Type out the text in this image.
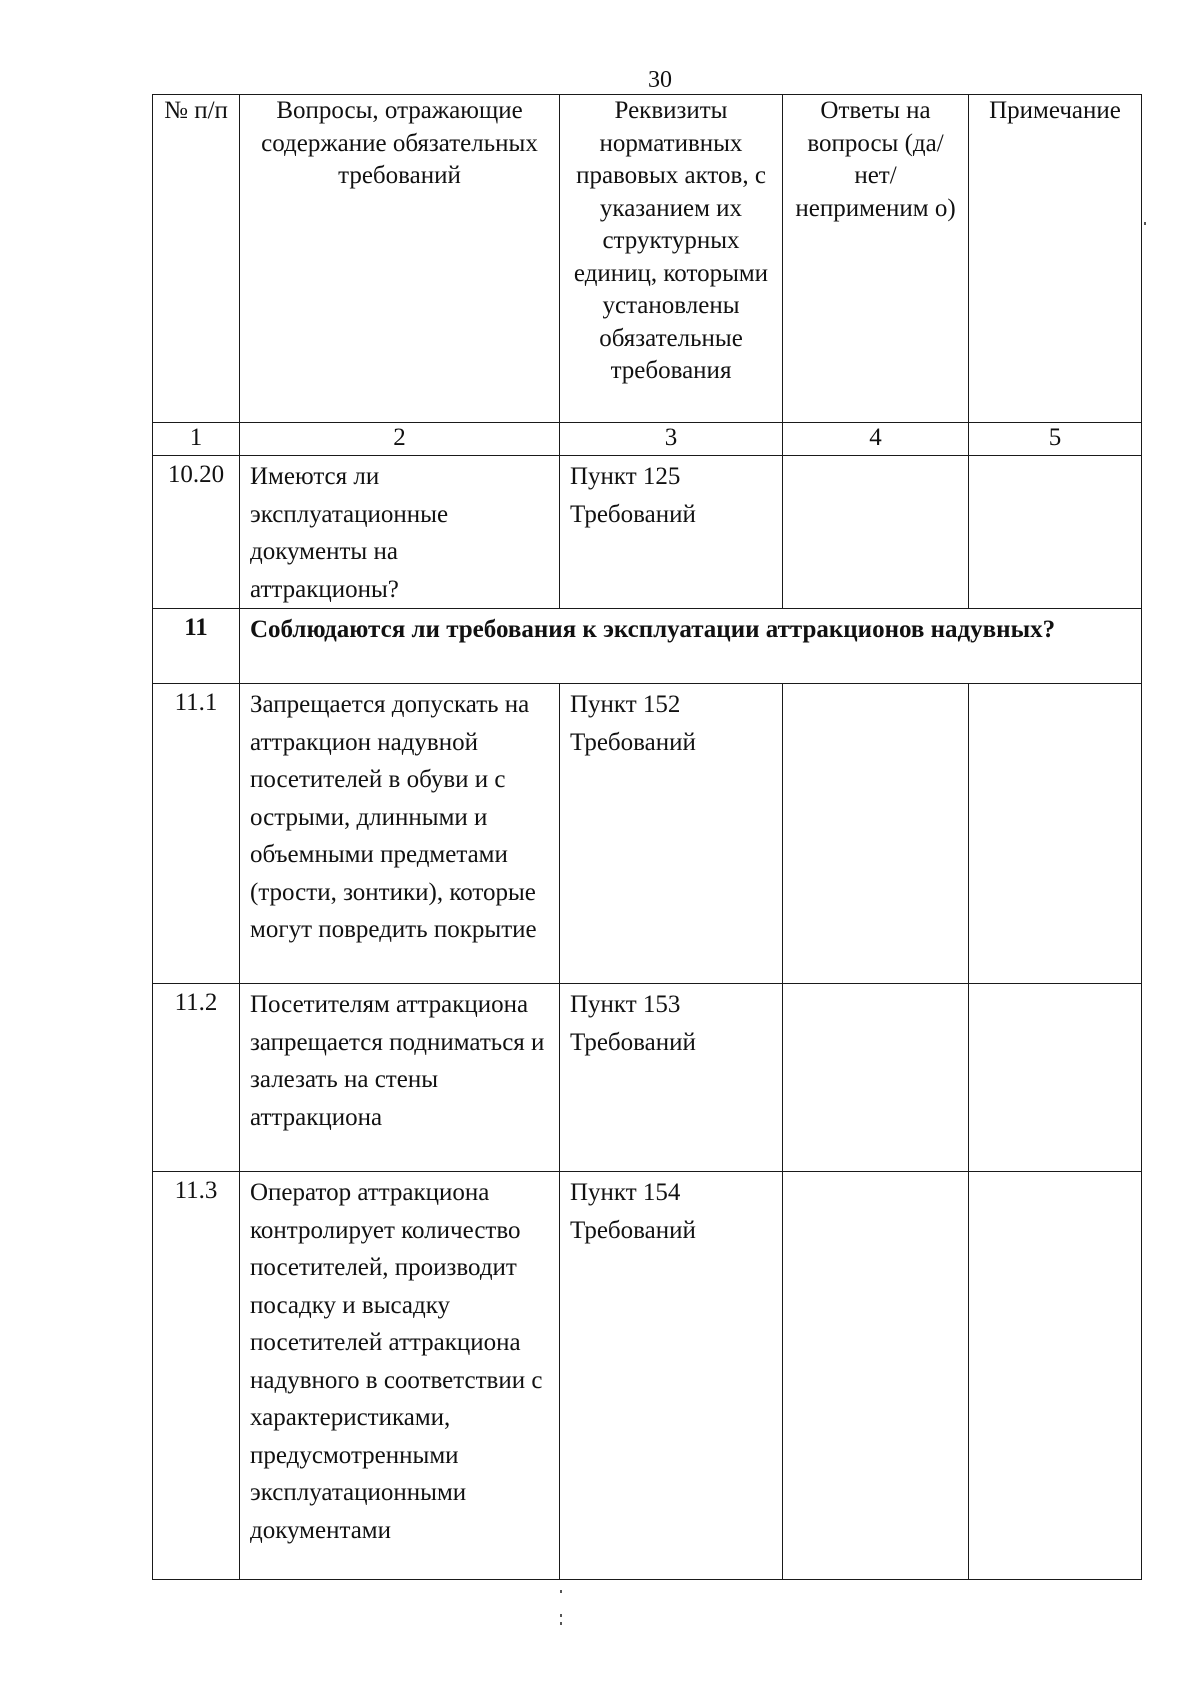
30
№ п/п	Вопросы, отражающие содержание обязательных требований	Реквизиты нормативных правовых актов, с указанием их структурных единиц, которыми установлены обязательные требования	Ответы на вопросы (да/нет/ неприменим о)	Примечание
1	2	3	4	5
10.20	Имеются ли эксплуатационные документы на аттракционы?	Пункт 125 Требований		
11	Соблюдаются ли требования к эксплуатации аттракционов надувных?			
11.1	Запрещается допускать на аттракцион надувной посетителей в обуви и с острыми, длинными и объемными предметами (трости, зонтики), которые могут повредить покрытие	Пункт 152 Требований		
11.2	Посетителям аттракциона запрещается подниматься и залезать на стены аттракциона	Пункт 153 Требований		
11.3	Оператор аттракциона контролирует количество посетителей, производит посадку и высадку посетителей аттракциона надувного в соответствии с характеристиками, предусмотренными эксплуатационными документами	Пункт 154 Требований		
